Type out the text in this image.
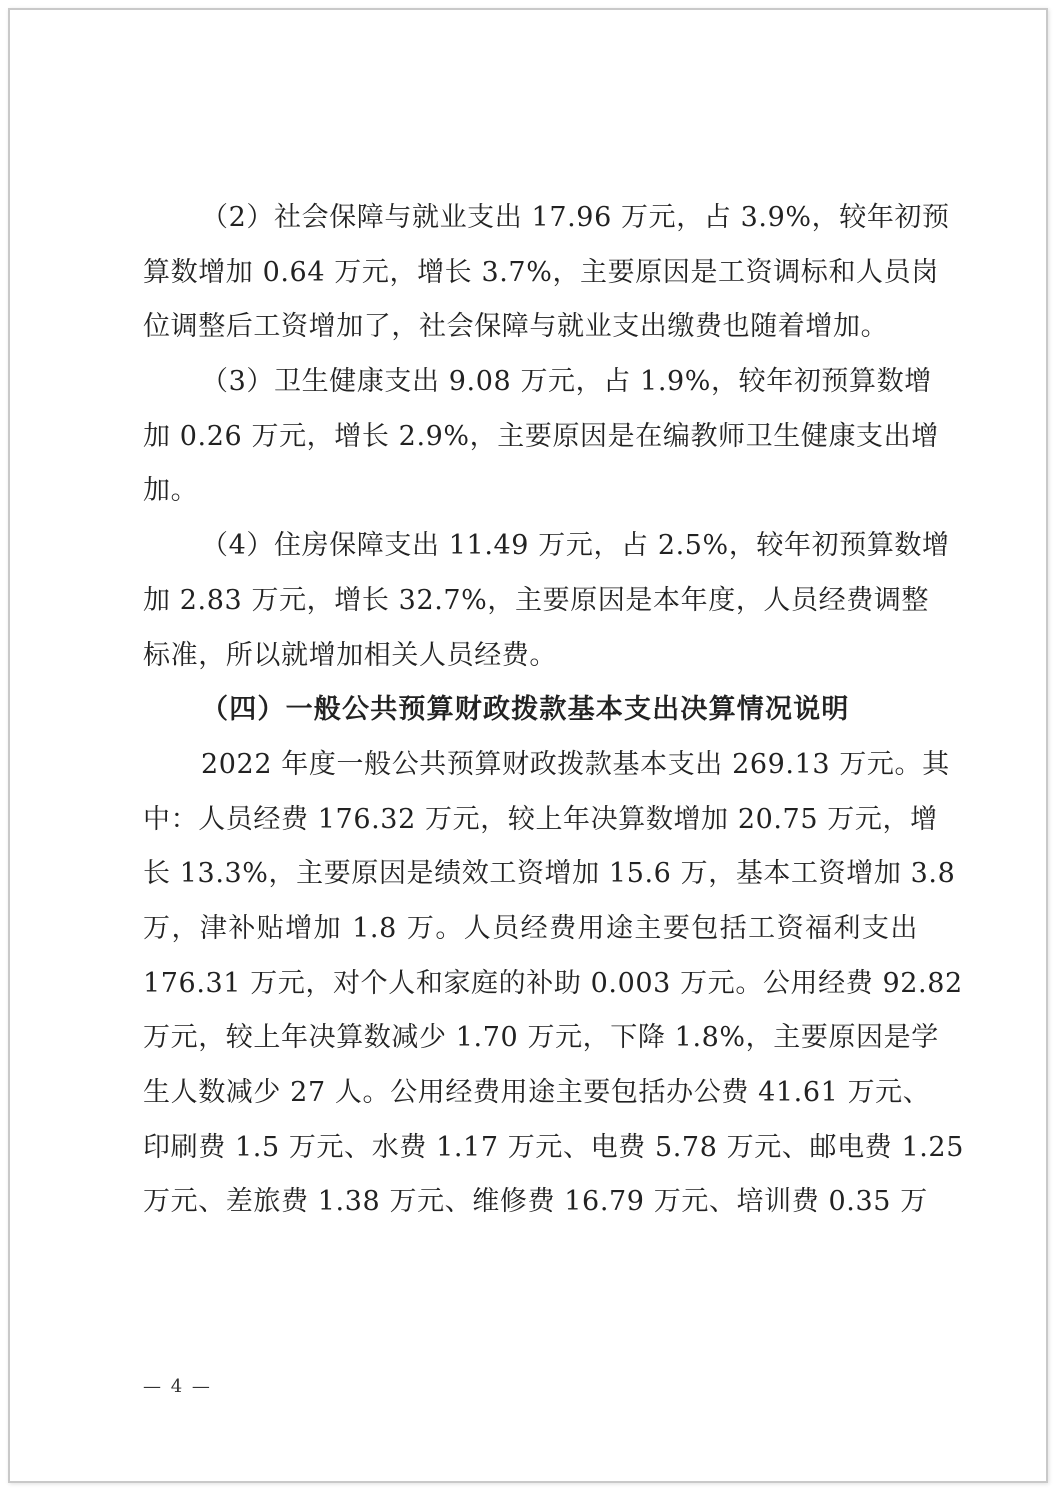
（2）社会保障与就业支出 17.96 万元，占 3.9%，较年初预
算数增加 0.64 万元，增长 3.7%，主要原因是工资调标和人员岗
位调整后工资增加了，社会保障与就业支出缴费也随着增加。
（3）卫生健康支出 9.08 万元，占 1.9%，较年初预算数增
加 0.26 万元，增长 2.9%，主要原因是在编教师卫生健康支出增
加。
（4）住房保障支出 11.49 万元，占 2.5%，较年初预算数增
加 2.83 万元，增长 32.7%，主要原因是本年度，人员经费调整
标准，所以就增加相关人员经费。
（四）一般公共预算财政拨款基本支出决算情况说明
2022 年度一般公共预算财政拨款基本支出 269.13 万元。其
中：人员经费 176.32 万元，较上年决算数增加 20.75 万元，增
长 13.3%，主要原因是绩效工资增加 15.6 万，基本工资增加 3.8
万，津补贴增加 1.8 万。人员经费用途主要包括工资福利支出
176.31 万元，对个人和家庭的补助 0.003 万元。公用经费 92.82
万元，较上年决算数减少 1.70 万元，下降 1.8%，主要原因是学
生人数减少 27 人。公用经费用途主要包括办公费 41.61 万元、
印刷费 1.5 万元、水费 1.17 万元、电费 5.78 万元、邮电费 1.25
万元、差旅费 1.38 万元、维修费 16.79 万元、培训费 0.35 万
— 4 —
